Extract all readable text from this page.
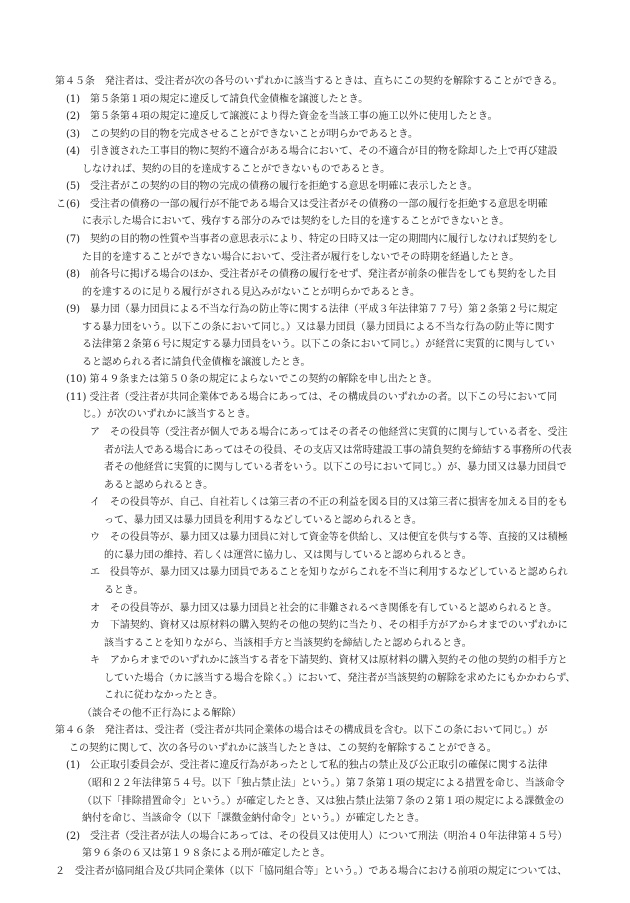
第４５条　発注者は、受注者が次の各号のいずれかに該当するときは、直ちにこの契約を解除することができる。
(1)　第５条第１項の規定に違反して請負代金債権を譲渡したとき。
(2)　第５条第４項の規定に違反して譲渡により得た資金を当該工事の施工以外に使用したとき。
(3)　この契約の目的物を完成させることができないことが明らかであるとき。
(4)　引き渡された工事目的物に契約不適合がある場合において、その不適合が目的物を除却した上で再び建設
しなければ、契約の目的を達成することができないものであるとき。
(5)　受注者がこの契約の目的物の完成の債務の履行を拒絶する意思を明確に表示したとき。
こ(6)　受注者の債務の一部の履行が不能である場合又は受注者がその債務の一部の履行を拒絶する意思を明確
に表示した場合において、残存する部分のみでは契約をした目的を達することができないとき。
(7)　契約の目的物の性質や当事者の意思表示により、特定の日時又は一定の期間内に履行しなければ契約をし
た目的を達することができない場合において、受注者が履行をしないでその時期を経過したとき。
(8)　前各号に掲げる場合のほか、受注者がその債務の履行をせず、発注者が前条の催告をしても契約をした目
的を達するのに足りる履行がされる見込みがないことが明らかであるとき。
(9)　暴力団（暴力団員による不当な行為の防止等に関する法律（平成３年法律第７７号）第２条第２号に規定
する暴力団をいう。以下この条において同じ。）又は暴力団員（暴力団員による不当な行為の防止等に関す
る法律第２条第６号に規定する暴力団員をいう。以下この条において同じ。）が経営に実質的に関与してい
ると認められる者に請負代金債権を譲渡したとき。
(10) 第４９条または第５０条の規定によらないでこの契約の解除を申し出たとき。
(11) 受注者（受注者が共同企業体である場合にあっては、その構成員のいずれかの者。以下この号において同
じ。）が次のいずれかに該当するとき。
ア　その役員等（受注者が個人である場合にあってはその者その他経営に実質的に関与している者を、受注
者が法人である場合にあってはその役員、その支店又は常時建設工事の請負契約を締結する事務所の代表
者その他経営に実質的に関与している者をいう。以下この号において同じ。）が、暴力団又は暴力団員で
あると認められるとき。
イ　その役員等が、自己、自社若しくは第三者の不正の利益を図る目的又は第三者に損害を加える目的をも
って、暴力団又は暴力団員を利用するなどしていると認められるとき。
ウ　その役員等が、暴力団又は暴力団員に対して資金等を供給し、又は便宜を供与する等、直接的又は積極
的に暴力団の維持、若しくは運営に協力し、又は関与していると認められるとき。
エ　役員等が、暴力団又は暴力団員であることを知りながらこれを不当に利用するなどしていると認められ
るとき。
オ　その役員等が、暴力団又は暴力団員と社会的に非難されるべき関係を有していると認められるとき。
カ　下請契約、資材又は原材料の購入契約その他の契約に当たり、その相手方がアからオまでのいずれかに
該当することを知りながら、当該相手方と当該契約を締結したと認められるとき。
キ　アからオまでのいずれかに該当する者を下請契約、資材又は原材料の購入契約その他の契約の相手方と
していた場合（カに該当する場合を除く。）において、発注者が当該契約の解除を求めたにもかかわらず、
これに従わなかったとき。
（談合その他不正行為による解除）
第４６条　発注者は、受注者（受注者が共同企業体の場合はその構成員を含む。以下この条において同じ。）が
この契約に関して、次の各号のいずれかに該当したときは、この契約を解除することができる。
(1)　公正取引委員会が、受注者に違反行為があったとして私的独占の禁止及び公正取引の確保に関する法律
（昭和２２年法律第５４号。以下「独占禁止法」という。）第７条第１項の規定による措置を命じ、当該命令
（以下「排除措置命令」という。）が確定したとき、又は独占禁止法第７条の２第１項の規定による課徴金の
納付を命じ、当該命令（以下「課徴金納付命令」という。）が確定したとき。
(2)　受注者（受注者が法人の場合にあっては、その役員又は使用人）について刑法（明治４０年法律第４５号）
第９６条の６又は第１９８条による刑が確定したとき。
２　受注者が協同組合及び共同企業体（以下「協同組合等」という。）である場合における前項の規定については、
